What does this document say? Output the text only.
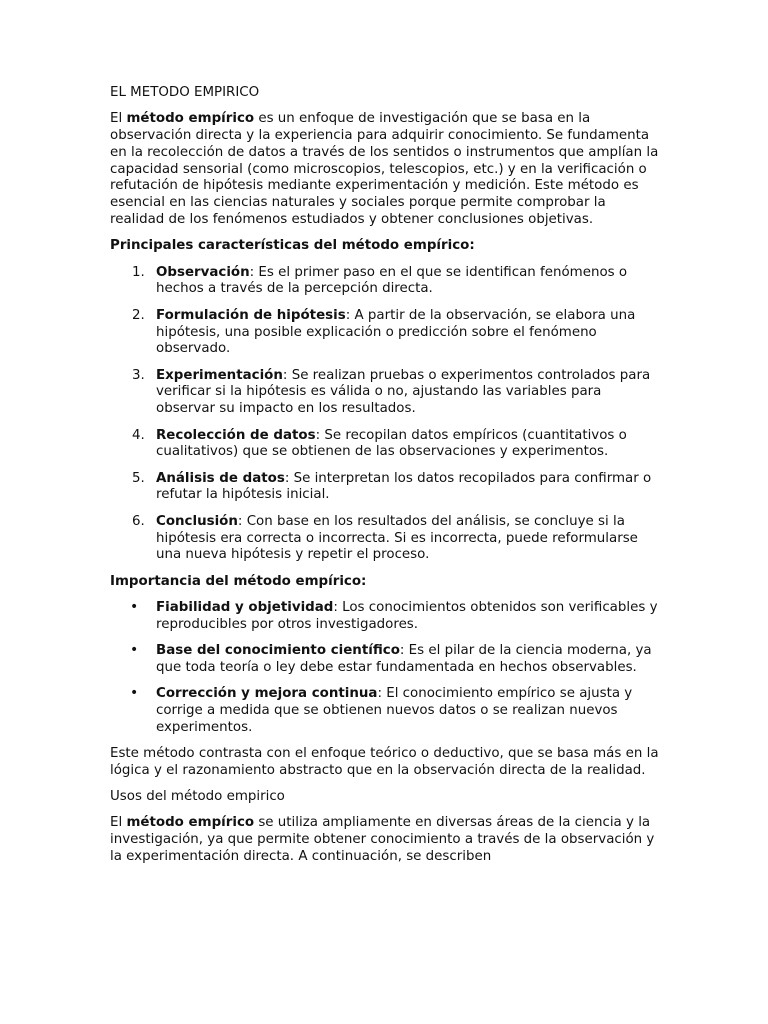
EL METODO EMPIRICO

El método empírico es un enfoque de investigación que se basa en la observación directa y la experiencia para adquirir conocimiento. Se fundamenta en la recolección de datos a través de los sentidos o instrumentos que amplían la capacidad sensorial (como microscopios, telescopios, etc.) y en la verificación o refutación de hipótesis mediante experimentación y medición. Este método es esencial en las ciencias naturales y sociales porque permite comprobar la realidad de los fenómenos estudiados y obtener conclusiones objetivas.

Principales características del método empírico:

1. Observación: Es el primer paso en el que se identifican fenómenos o hechos a través de la percepción directa.
2. Formulación de hipótesis: A partir de la observación, se elabora una hipótesis, una posible explicación o predicción sobre el fenómeno observado.
3. Experimentación: Se realizan pruebas o experimentos controlados para verificar si la hipótesis es válida o no, ajustando las variables para observar su impacto en los resultados.
4. Recolección de datos: Se recopilan datos empíricos (cuantitativos o cualitativos) que se obtienen de las observaciones y experimentos.
5. Análisis de datos: Se interpretan los datos recopilados para confirmar o refutar la hipótesis inicial.
6. Conclusión: Con base en los resultados del análisis, se concluye si la hipótesis era correcta o incorrecta. Si es incorrecta, puede reformularse una nueva hipótesis y repetir el proceso.

Importancia del método empírico:

• Fiabilidad y objetividad: Los conocimientos obtenidos son verificables y reproducibles por otros investigadores.
• Base del conocimiento científico: Es el pilar de la ciencia moderna, ya que toda teoría o ley debe estar fundamentada en hechos observables.
• Corrección y mejora continua: El conocimiento empírico se ajusta y corrige a medida que se obtienen nuevos datos o se realizan nuevos experimentos.

Este método contrasta con el enfoque teórico o deductivo, que se basa más en la lógica y el razonamiento abstracto que en la observación directa de la realidad.

Usos del método empirico

El método empírico se utiliza ampliamente en diversas áreas de la ciencia y la investigación, ya que permite obtener conocimiento a través de la observación y la experimentación directa. A continuación, se describen
